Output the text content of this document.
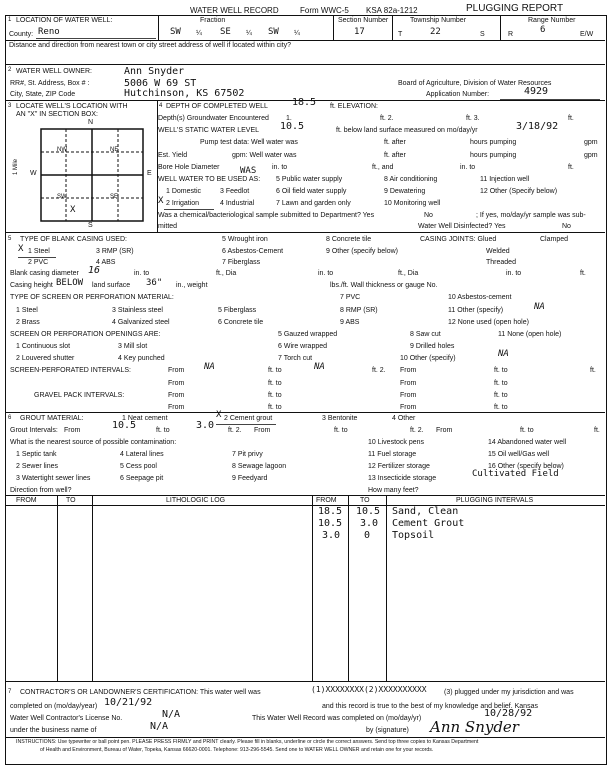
WATER WELL RECORD	Form WWC-5 KSA 82a-1212	PLUGGING REPORT
1 LOCATION OF WATER WELL:
County: Reno
Fraction
SW ¼ SE ¼ SW ¼
Section Number
17
Township Number
T	22	S
Range Number
R	6	E/W
Distance and direction from nearest town or city street address of well if located within city?
2 WATER WELL OWNER:	Ann Snyder
RR#, St. Address, Box # :	5006 W 69 ST
City, State, ZIP Code	Hutchinson, KS 67502
Board of Agriculture, Division of Water Resources
Application Number:	4929
3 LOCATE WELL'S LOCATION WITH
AN "X" IN SECTION BOX:
N
S
W	E
1 Mile
NW	NE
SW	SE
X
4 DEPTH OF COMPLETED WELL 18.5 ft. ELEVATION:
Depth(s) Groundwater Encountered 1.	ft. 2.	ft. 3.	ft.
WELL'S STATIC WATER LEVEL 10.5	ft. below land surface measured on mo/day/yr	3/18/92
Pump test data: Well water was	ft. after	hours pumping	gpm
Est. Yield	gpm: Well water was	ft. after	hours pumping	gpm
Bore Hole Diameter	in. to	ft., and	in. to	ft.
WELL WATER TO BE USED AS:
WAS
5 Public water supply	8 Air conditioning	11 Injection well
1 Domestic	3 Feedlot	6 Oil field water supply	9 Dewatering	12 Other (Specify below)
X 2 Irrigation	4 Industrial	7 Lawn and garden only	10 Monitoring well
Was a chemical/bacteriological sample submitted to Department? Yes	No	; If yes, mo/day/yr sample was sub-
mitted	Water Well Disinfected? Yes	No
5 TYPE OF BLANK CASING USED:
X 1 Steel	3 RMP (SR)
5 Wrought iron	8 Concrete tile
9 Other (specify below)
2 PVC	4 ABS
6 Asbestos-Cement
7 Fiberglass
CASING JOINTS: Glued	Clamped
Welded
Threaded
Blank casing diameter 16	in. to	ft., Dia	in. to	ft., Dia	in. to	ft.
Casing height BELOW land surface 36" in., weight	lbs./ft. Wall thickness or gauge No.
TYPE OF SCREEN OR PERFORATION MATERIAL:	7 PVC	10 Asbestos-cement
1 Steel	3 Stainless steel	5 Fiberglass	8 RMP (SR)	11 Other (specify)	NA
2 Brass	4 Galvanized steel	6 Concrete tile	9 ABS	12 None used (open hole)
SCREEN OR PERFORATION OPENINGS ARE:	5 Gauzed wrapped	8 Saw cut	11 None (open hole)
1 Continuous slot	3 Mill slot	6 Wire wrapped	9 Drilled holes
2 Louvered shutter	4 Key punched	7 Torch cut	10 Other (specify)	NA
SCREEN-PERFORATED INTERVALS:	From NA	ft. to	NA	ft. 2. From	ft. to	ft.
From	ft. to	From	ft. to
GRAVEL PACK INTERVALS:	From	ft. to	From	ft. to
From	ft. to	From	ft. to
6 GROUT MATERIAL:	1 Neat cement	X 2 Cement grout	3 Bentonite	4 Other
Grout Intervals: From	10.5	ft. to	3.0 ft. 2. From	ft. to	ft. 2. From	ft. to	ft.
What is the nearest source of possible contamination:
1 Septic tank	4 Lateral lines	7 Pit privy
10 Livestock pens	14 Abandoned water well
2 Sewer lines	5 Cess pool	8 Sewage lagoon
11 Fuel storage	15 Oil well/Gas well
3 Watertight sewer lines	6 Seepage pit	9 Feedyard
12 Fertilizer storage	16 Other (specify below)
13 Insecticide storage	Cultivated Field
Direction from well?	How many feet?
FROM	TO	LITHOLOGIC LOG	FROM	TO	PLUGGING INTERVALS
18.5 10.5 Sand, Clean
10.5 3.0 Cement Grout
3.0 0 Topsoil
7 CONTRACTOR'S OR LANDOWNER'S CERTIFICATION: This water well was	(1)XXXXXXXX(2)XXXXXXXXXX (3) plugged under my jurisdiction and was
completed on (mo/day/year) 10/21/92	and this record is true to the best of my knowledge and belief. Kansas
Water Well Contractor's License No.	N/A	This Water Well Record was completed on (mo/day/yr)	10/28/92
under the business name of	N/A	by (signature) Ann Snyder
INSTRUCTIONS: Use typewriter or ball point pen. PLEASE PRESS FIRMLY and PRINT clearly. Please fill in blanks, underline or circle the correct answers. Send top three copies to Kansas Department
of Health and Environment, Bureau of Water, Topeka, Kansas 66620-0001. Telephone: 913-296-5545. Send one to WATER WELL OWNER and retain one for your records.
